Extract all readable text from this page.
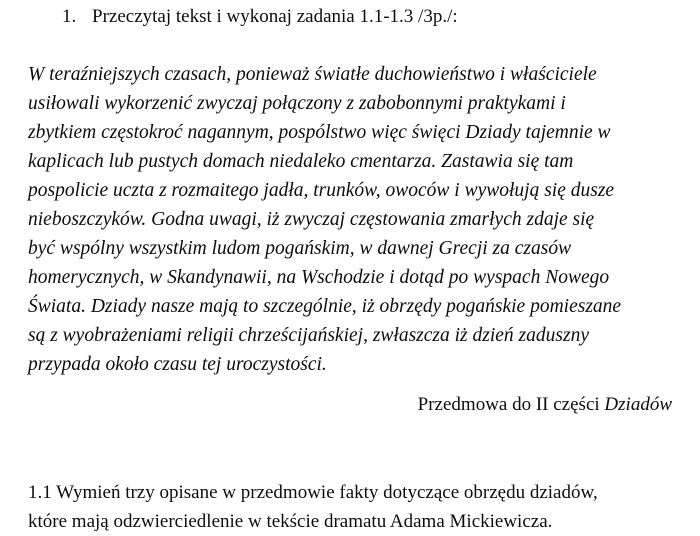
1. Przeczytaj tekst i wykonaj zadania 1.1-1.3 /3p./:
W teraźniejszych czasach, ponieważ światłe duchowieństwo i właściciele
usiłowali wykorzenić zwyczaj połączony z zabobonnymi praktykami i
zbytkiem częstokroć nagannym, pospólstwo więc święci Dziady tajemnie w
kaplicach lub pustych domach niedaleko cmentarza. Zastawia się tam
pospolicie uczta z rozmaitego jadła, trunków, owoców i wywołują się dusze
nieboszczyków. Godna uwagi, iż zwyczaj częstowania zmarłych zdaje się
być wspólny wszystkim ludom pogańskim, w dawnej Grecji za czasów
homerycznych, w Skandynawii, na Wschodzie i dotąd po wyspach Nowego
Świata. Dziady nasze mają to szczególnie, iż obrzędy pogańskie pomieszane
są z wyobrażeniami religii chrześcijańskiej, zwłaszcza iż dzień zaduszny
przypada około czasu tej uroczystości.
Przedmowa do II części Dziadów
1.1 Wymień trzy opisane w przedmowie fakty dotyczące obrzędu dziadów,
które mają odzwierciedlenie w tekście dramatu Adama Mickiewicza.
